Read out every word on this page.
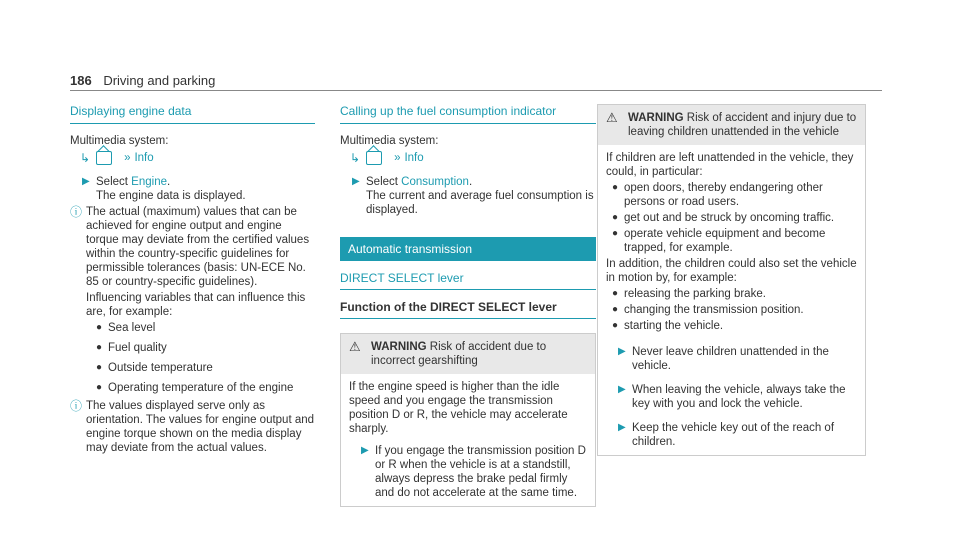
186 Driving and parking
Displaying engine data

Multimedia system:

↳	» Info
▶ Select Engine.

The engine data is displayed.

ⓘ The actual (maximum) values that can be achieved for engine output and engine torque may deviate from the certified values within the country-specific guidelines for permissible tolerances (basis: UN-ECE No. 85 or country-specific guidelines).

Influencing variables that can influence this are, for example:

● Sea level
● Fuel quality
● Outside temperature
● Operating temperature of the engine
ⓘ The values displayed serve only as orientation. The values for engine output and engine torque shown on the media display may deviate from the actual values.

Calling up the fuel consumption indicator

Multimedia system:

↳	» Info
▶ Select Consumption.

The current and average fuel consumption is displayed.

Automatic transmission
DIRECT SELECT lever
Function of the DIRECT SELECT lever
⚠ WARNING Risk of accident due to incorrect gearshifting

If the engine speed is higher than the idle speed and you engage the transmission position D or R, the vehicle may accelerate sharply.

▶ If you engage the transmission position D or R when the vehicle is at a standstill, always depress the brake pedal firmly and do not accelerate at the same time.

⚠ WARNING Risk of accident and injury due to leaving children unattended in the vehicle

If children are left unattended in the vehicle, they could, in particular:

● open doors, thereby endangering other persons or road users.
● get out and be struck by oncoming traffic.
● operate vehicle equipment and become trapped, for example.

In addition, the children could also set the vehicle in motion by, for example:

● releasing the parking brake.
● changing the transmission position.
● starting the vehicle.
▶ Never leave children unattended in the vehicle.

▶ When leaving the vehicle, always take the key with you and lock the vehicle.

▶ Keep the vehicle key out of the reach of children.
